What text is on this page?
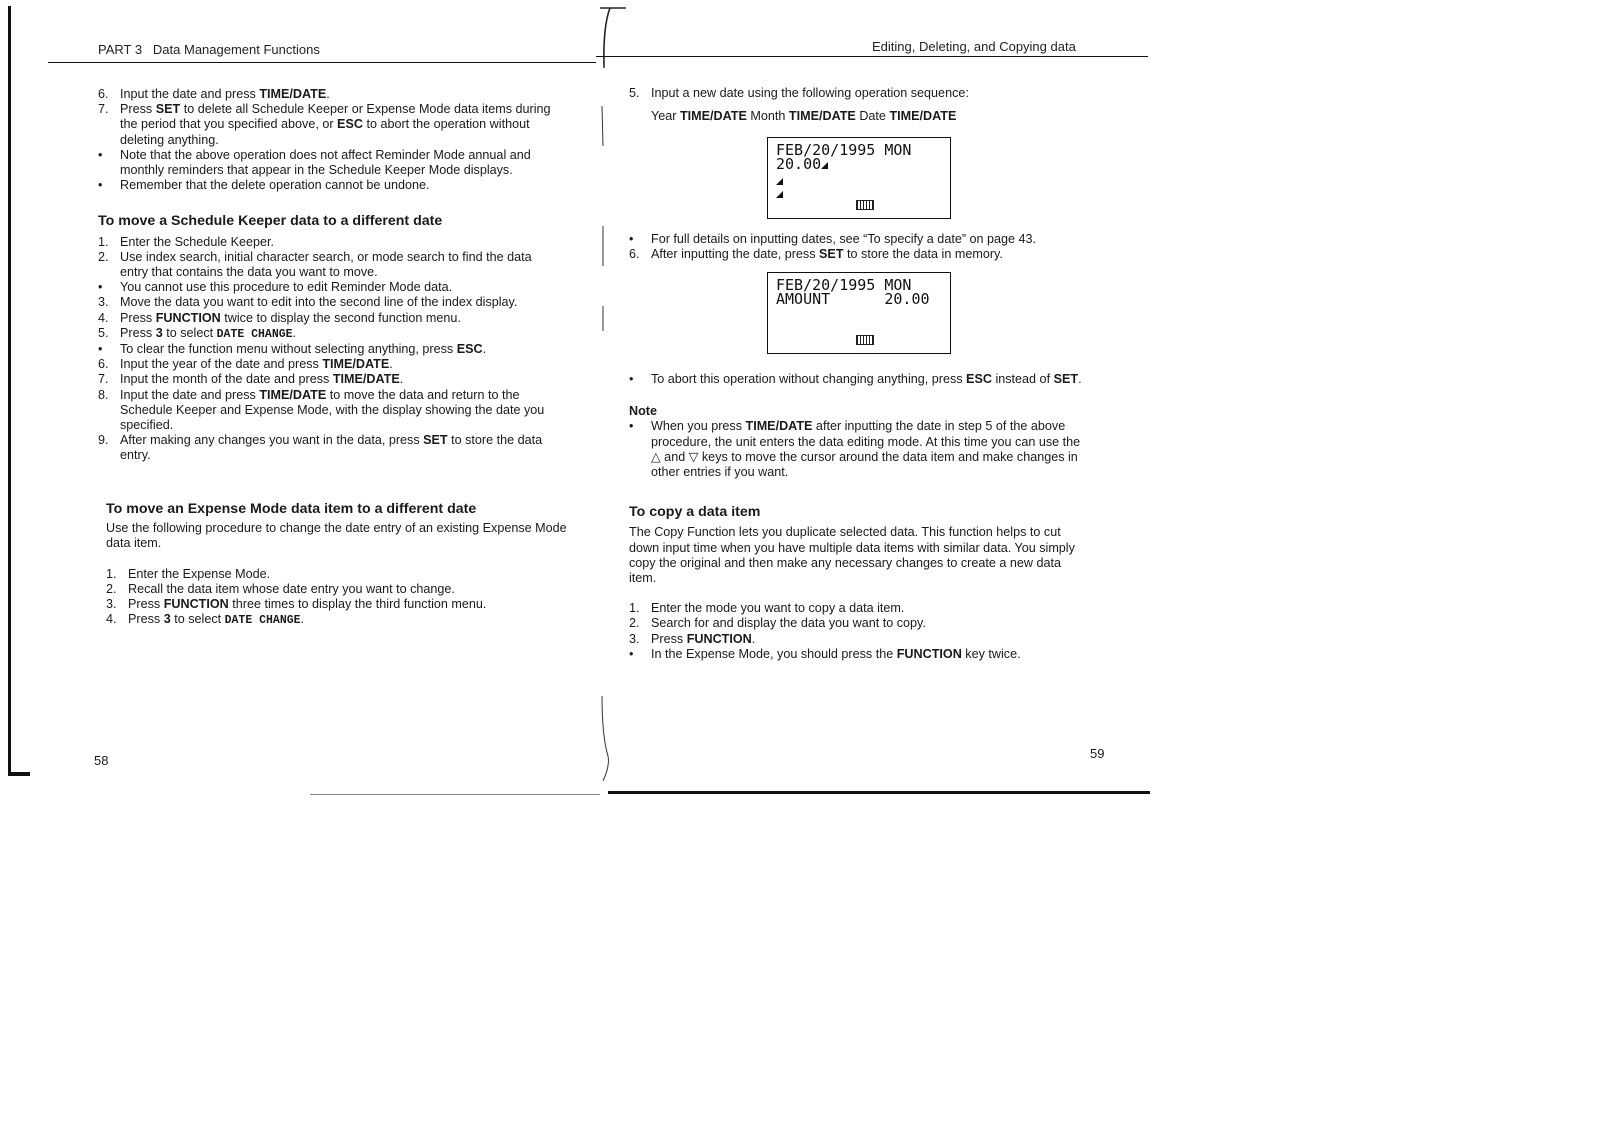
PART 3 Data Management Functions	Editing, Deleting, and Copying data
6. Input the date and press TIME/DATE.
7. Press SET to delete all Schedule Keeper or Expense Mode data items during the period that you specified above, or ESC to abort the operation without deleting anything.
•	Note that the above operation does not affect Reminder Mode annual and monthly reminders that appear in the Schedule Keeper Mode displays.
•	Remember that the delete operation cannot be undone.
To move a Schedule Keeper data to a different date
1. Enter the Schedule Keeper.
2. Use index search, initial character search, or mode search to find the data entry that contains the data you want to move.
•	You cannot use this procedure to edit Reminder Mode data.
3. Move the data you want to edit into the second line of the index display.
4. Press FUNCTION twice to display the second function menu.
5. Press 3 to select DATE CHANGE.
•	To clear the function menu without selecting anything, press ESC.
6. Input the year of the date and press TIME/DATE.
7. Input the month of the date and press TIME/DATE.
8. Input the date and press TIME/DATE to move the data and return to the Schedule Keeper and Expense Mode, with the display showing the date you specified.
9. After making any changes you want in the data, press SET to store the data entry.
To move an Expense Mode data item to a different date
Use the following procedure to change the date entry of an existing Expense Mode data item.
1. Enter the Expense Mode.
2. Recall the data item whose date entry you want to change.
3. Press FUNCTION three times to display the third function menu.
4. Press 3 to select DATE CHANGE.
5. Input a new date using the following operation sequence:
Year TIME/DATE Month TIME/DATE Date TIME/DATE
FEB/20/1995 MON
20.00
•	For full details on inputting dates, see “To specify a date” on page 43.
6. After inputting the date, press SET to store the data in memory.
FEB/20/1995 MON
AMOUNT      20.00
•	To abort this operation without changing anything, press ESC instead of SET.
Note
•	When you press TIME/DATE after inputting the date in step 5 of the above procedure, the unit enters the data editing mode. At this time you can use the △ and ▽ keys to move the cursor around the data item and make changes in other entries if you want.
To copy a data item
The Copy Function lets you duplicate selected data. This function helps to cut down input time when you have multiple data items with similar data. You simply copy the original and then make any necessary changes to create a new data item.
1. Enter the mode you want to copy a data item.
2. Search for and display the data you want to copy.
3. Press FUNCTION.
•	In the Expense Mode, you should press the FUNCTION key twice.
58	59
